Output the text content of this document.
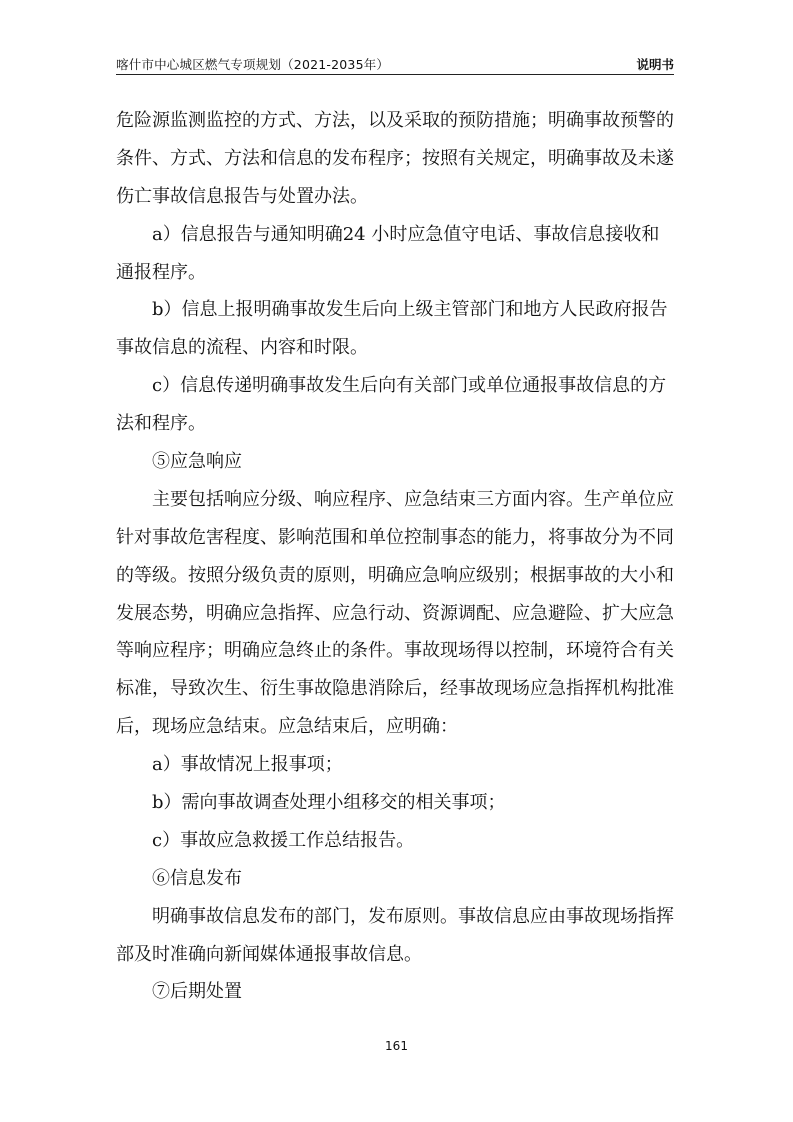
喀什市中心城区燃气专项规划（2021-2035年）	说明书
危险源监测监控的方式、方法，以及采取的预防措施；明确事故预警的
条件、方式、方法和信息的发布程序；按照有关规定，明确事故及未遂
伤亡事故信息报告与处置办法。
a）信息报告与通知明确24 小时应急值守电话、事故信息接收和
通报程序。
b）信息上报明确事故发生后向上级主管部门和地方人民政府报告
事故信息的流程、内容和时限。
c）信息传递明确事故发生后向有关部门或单位通报事故信息的方
法和程序。
⑤应急响应
主要包括响应分级、响应程序、应急结束三方面内容。生产单位应
针对事故危害程度、影响范围和单位控制事态的能力，将事故分为不同
的等级。按照分级负责的原则，明确应急响应级别；根据事故的大小和
发展态势，明确应急指挥、应急行动、资源调配、应急避险、扩大应急
等响应程序；明确应急终止的条件。事故现场得以控制，环境符合有关
标准，导致次生、衍生事故隐患消除后，经事故现场应急指挥机构批准
后，现场应急结束。应急结束后，应明确：
a）事故情况上报事项；
b）需向事故调查处理小组移交的相关事项；
c）事故应急救援工作总结报告。
⑥信息发布
明确事故信息发布的部门，发布原则。事故信息应由事故现场指挥
部及时准确向新闻媒体通报事故信息。
⑦后期处置
161
